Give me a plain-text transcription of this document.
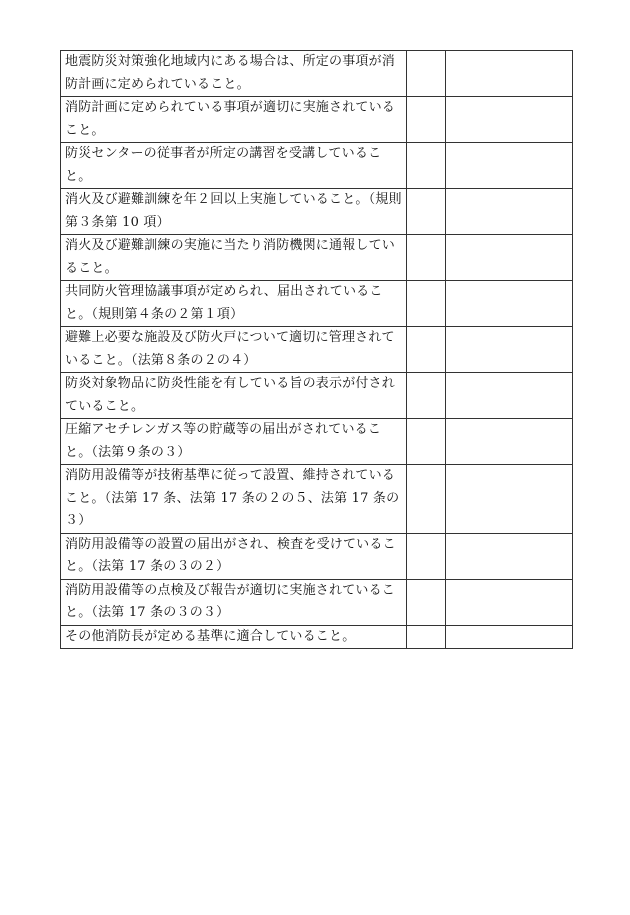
地震防災対策強化地域内にある場合は、所定の事項が消防計画に定められていること。		

消防計画に定められている事項が適切に実施されていること。		

防災センターの従事者が所定の講習を受講していること。		

消火及び避難訓練を年２回以上実施していること。（規則第３条第 10 項）		

消火及び避難訓練の実施に当たり消防機関に通報していること。		

共同防火管理協議事項が定められ、届出されていること。（規則第４条の２第１項）		

避難上必要な施設及び防火戸について適切に管理されていること。（法第８条の２の４）		

防炎対象物品に防炎性能を有している旨の表示が付されていること。		

圧縮アセチレンガス等の貯蔵等の届出がされていること。（法第９条の３）		

消防用設備等が技術基準に従って設置、維持されていること。（法第 17 条、法第 17 条の２の５、法第 17 条の３）		

消防用設備等の設置の届出がされ、検査を受けていること。（法第 17 条の３の２）		

消防用設備等の点検及び報告が適切に実施されていること。（法第 17 条の３の３）		

その他消防長が定める基準に適合していること。		
